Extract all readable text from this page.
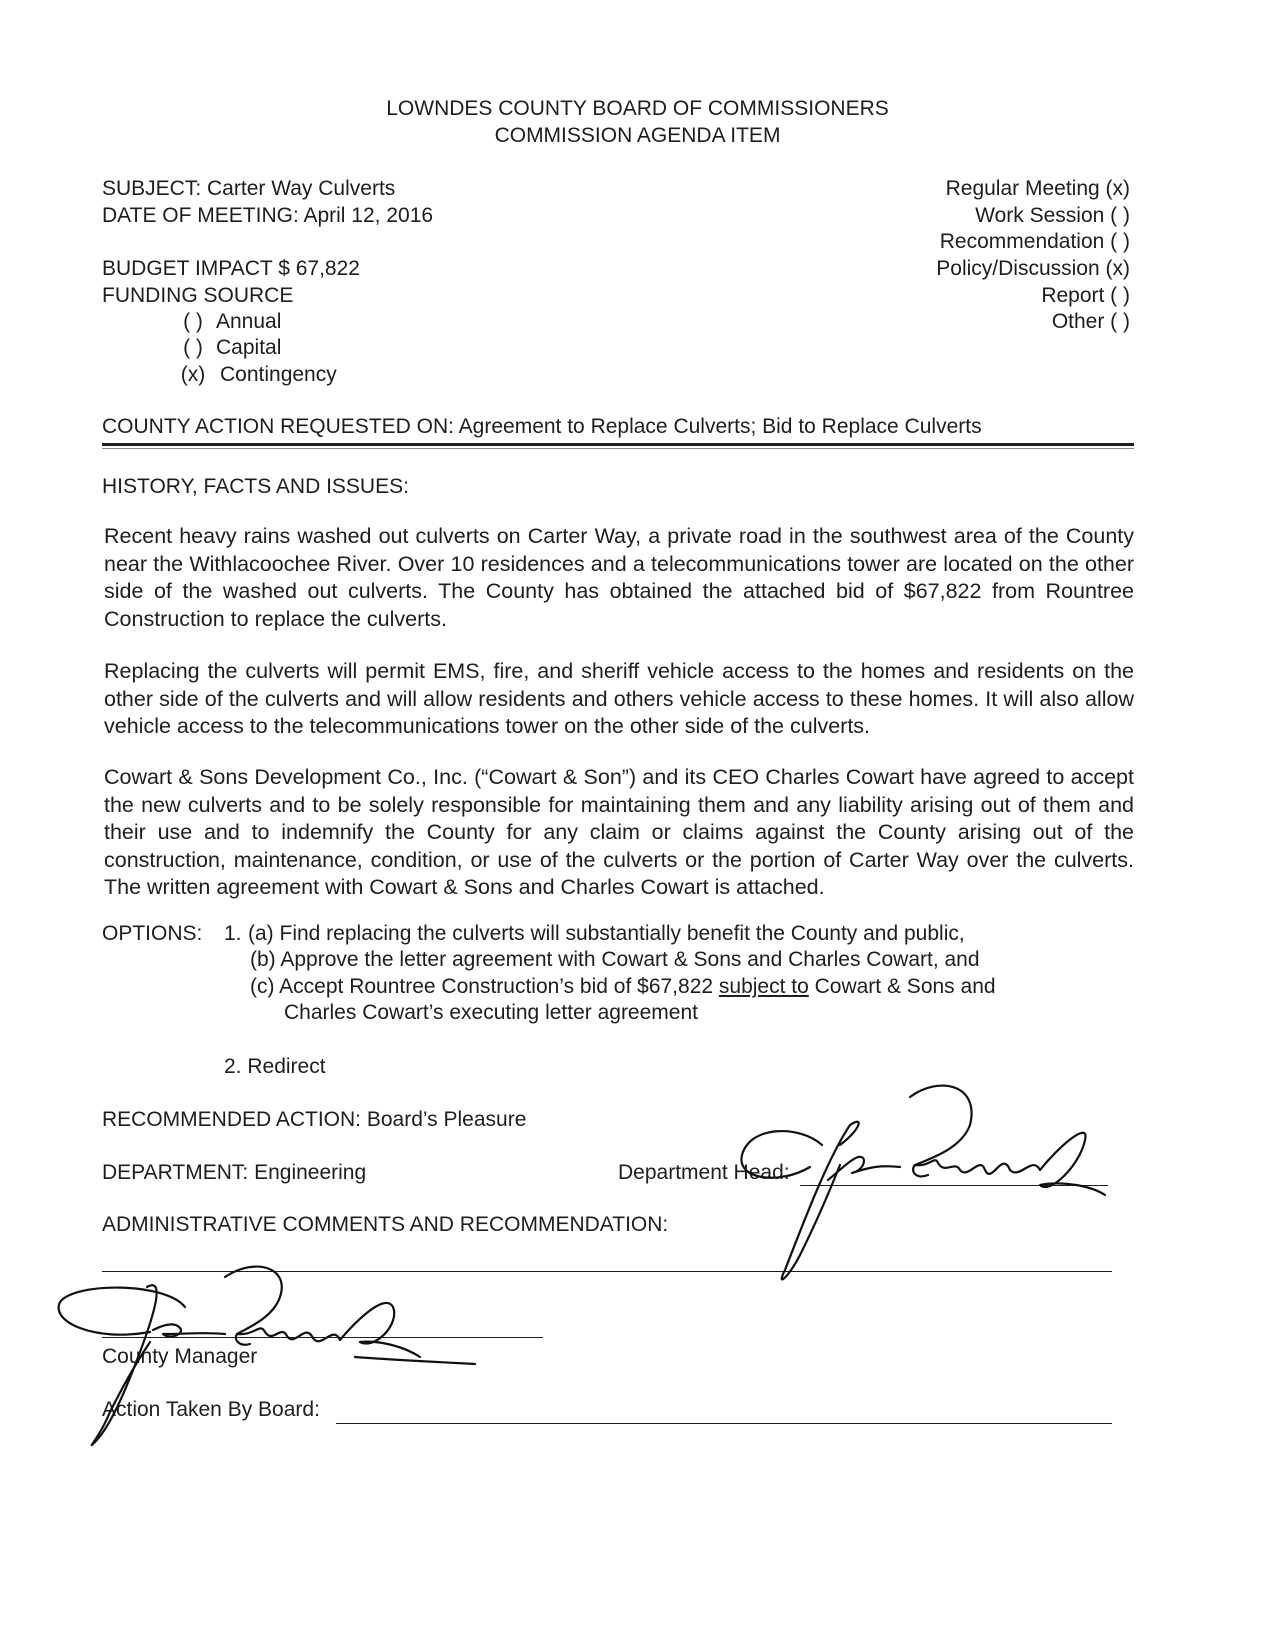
LOWNDES COUNTY BOARD OF COMMISSIONERS
COMMISSION AGENDA ITEM
SUBJECT: Carter Way Culverts
DATE OF MEETING: April 12, 2016
BUDGET IMPACT $ 67,822
FUNDING SOURCE
( ) Annual
( ) Capital
(x) Contingency
Regular Meeting (x)
Work Session ( )
Recommendation ( )
Policy/Discussion (x)
Report ( )
Other ( )
COUNTY ACTION REQUESTED ON: Agreement to Replace Culverts; Bid to Replace Culverts
HISTORY, FACTS AND ISSUES:
Recent heavy rains washed out culverts on Carter Way, a private road in the southwest area of the County near the Withlacoochee River. Over 10 residences and a telecommunications tower are located on the other side of the washed out culverts. The County has obtained the attached bid of $67,822 from Rountree Construction to replace the culverts.
Replacing the culverts will permit EMS, fire, and sheriff vehicle access to the homes and residents on the other side of the culverts and will allow residents and others vehicle access to these homes. It will also allow vehicle access to the telecommunications tower on the other side of the culverts.
Cowart & Sons Development Co., Inc. (“Cowart & Son”) and its CEO Charles Cowart have agreed to accept the new culverts and to be solely responsible for maintaining them and any liability arising out of them and their use and to indemnify the County for any claim or claims against the County arising out of the construction, maintenance, condition, or use of the culverts or the portion of Carter Way over the culverts. The written agreement with Cowart & Sons and Charles Cowart is attached.
OPTIONS: 1. (a) Find replacing the culverts will substantially benefit the County and public,
(b) Approve the letter agreement with Cowart & Sons and Charles Cowart, and
(c) Accept Rountree Construction’s bid of $67,822 subject to Cowart & Sons and
Charles Cowart’s executing letter agreement
2. Redirect
RECOMMENDED ACTION: Board’s Pleasure
DEPARTMENT: Engineering	Department Head:
ADMINISTRATIVE COMMENTS AND RECOMMENDATION:
County Manager
Action Taken By Board:
